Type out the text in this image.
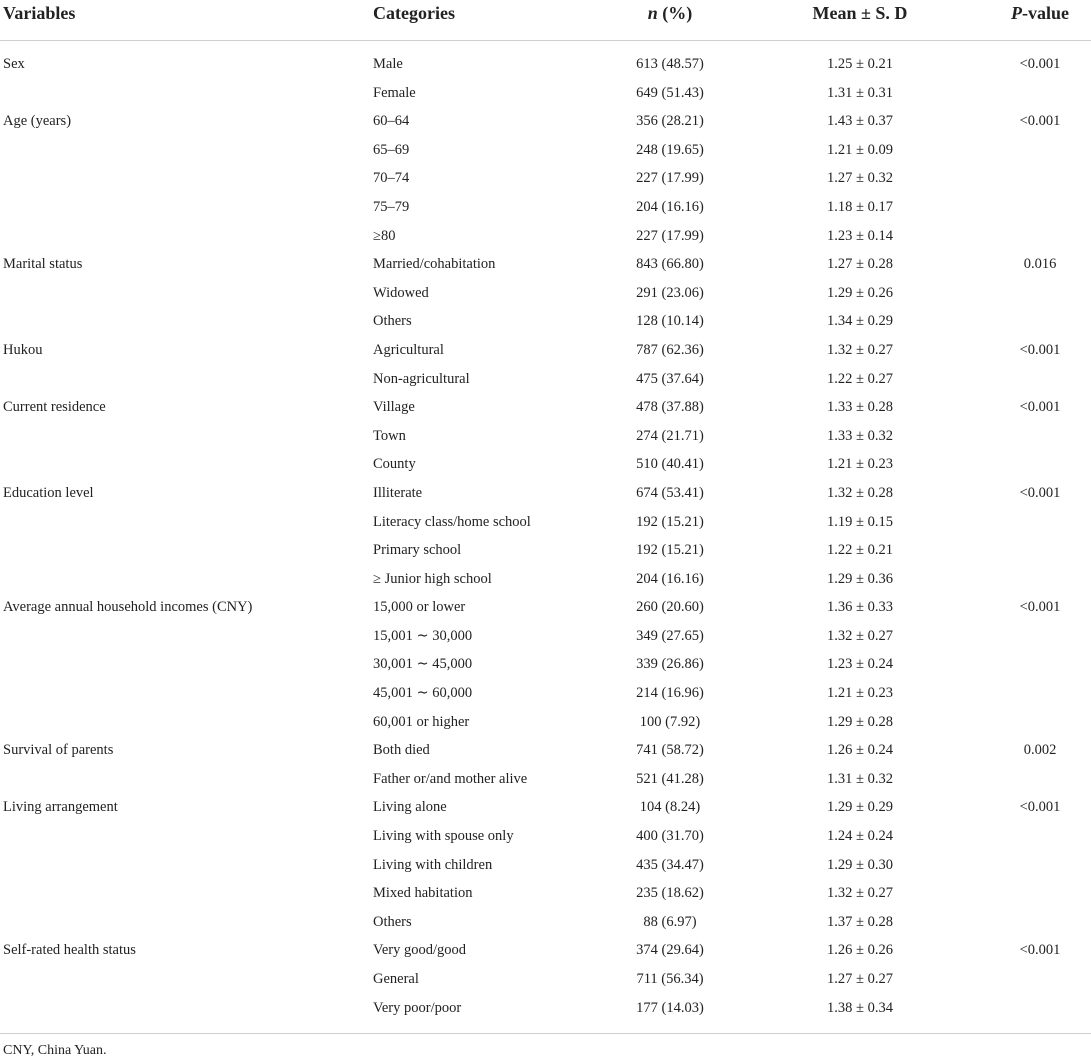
Variables	Categories	n (%)	Mean ± S. D	P-value
Sex	Male	613 (48.57)	1.25 ± 0.21	<0.001
Female	649 (51.43)	1.31 ± 0.31
Age (years)	60–64	356 (28.21)	1.43 ± 0.37	<0.001
65–69	248 (19.65)	1.21 ± 0.09
70–74	227 (17.99)	1.27 ± 0.32
75–79	204 (16.16)	1.18 ± 0.17
≥80	227 (17.99)	1.23 ± 0.14
Marital status	Married/cohabitation	843 (66.80)	1.27 ± 0.28	0.016
Widowed	291 (23.06)	1.29 ± 0.26
Others	128 (10.14)	1.34 ± 0.29
Hukou	Agricultural	787 (62.36)	1.32 ± 0.27	<0.001
Non-agricultural	475 (37.64)	1.22 ± 0.27
Current residence	Village	478 (37.88)	1.33 ± 0.28	<0.001
Town	274 (21.71)	1.33 ± 0.32
County	510 (40.41)	1.21 ± 0.23
Education level	Illiterate	674 (53.41)	1.32 ± 0.28	<0.001
Literacy class/home school	192 (15.21)	1.19 ± 0.15
Primary school	192 (15.21)	1.22 ± 0.21
≥ Junior high school	204 (16.16)	1.29 ± 0.36
Average annual household incomes (CNY)	15,000 or lower	260 (20.60)	1.36 ± 0.33	<0.001
15,001 ∼ 30,000	349 (27.65)	1.32 ± 0.27
30,001 ∼ 45,000	339 (26.86)	1.23 ± 0.24
45,001 ∼ 60,000	214 (16.96)	1.21 ± 0.23
60,001 or higher	100 (7.92)	1.29 ± 0.28
Survival of parents	Both died	741 (58.72)	1.26 ± 0.24	0.002
Father or/and mother alive	521 (41.28)	1.31 ± 0.32
Living arrangement	Living alone	104 (8.24)	1.29 ± 0.29	<0.001
Living with spouse only	400 (31.70)	1.24 ± 0.24
Living with children	435 (34.47)	1.29 ± 0.30
Mixed habitation	235 (18.62)	1.32 ± 0.27
Others	88 (6.97)	1.37 ± 0.28
Self-rated health status	Very good/good	374 (29.64)	1.26 ± 0.26	<0.001
General	711 (56.34)	1.27 ± 0.27
Very poor/poor	177 (14.03)	1.38 ± 0.34
CNY, China Yuan.
